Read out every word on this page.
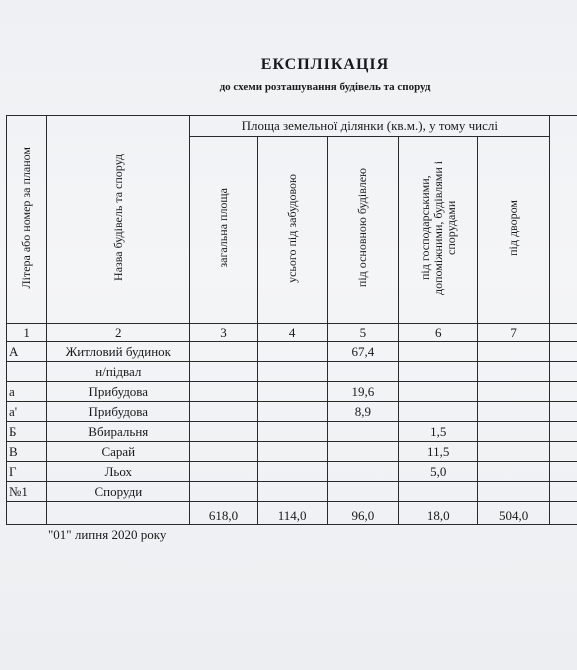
ЕКСПЛІКАЦІЯ
до схеми розташування будівель та споруд
Літера або номер за планом	Назва будівель та споруд	Площа земельної ділянки (кв.м.), у тому числі					
		загальна площа	усього під забудовою	під основною будівлею	під господарськими, допоміжними, будівлями і спорудами	під двором	
1	2	3	4	5	6	7	
А	Житловий будинок			67,4			
	н/підвал						
а	Прибудова			19,6			
а'	Прибудова			8,9			
Б	Вбиральня				1,5		
В	Сарай				11,5		
Г	Льох				5,0		
№1	Споруди						
		618,0	114,0	96,0	18,0	504,0	
"01" липня 2020 року
